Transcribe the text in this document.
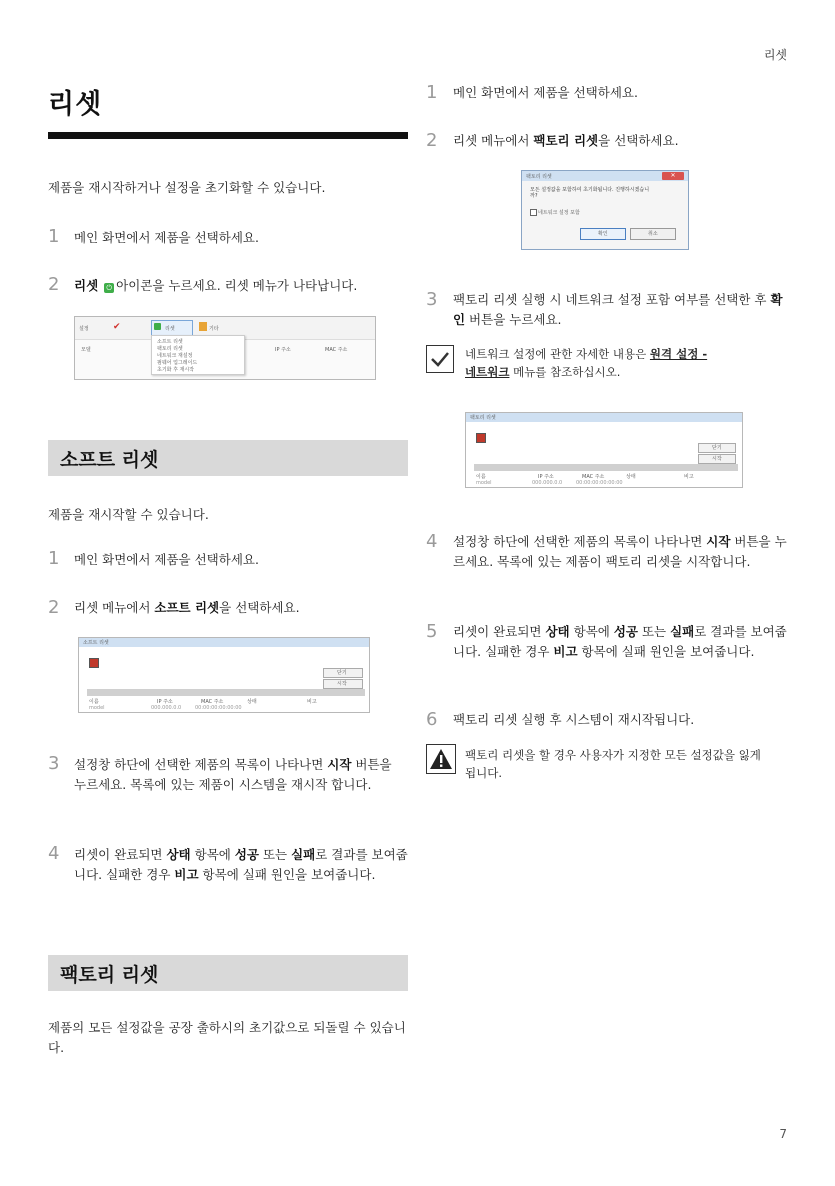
리셋
리셋
제품을 재시작하거나 설정을 초기화할 수 있습니다.
1	메인 화면에서 제품을 선택하세요.
2	리셋 ⏻ 아이콘을 누르세요. 리셋 메뉴가 나타납니다.
설정	✔	리셋	기타
모델	IP 주소	MAC 주소
소프트 리셋
팩토리 리셋
네트워크 재설정
펌웨어 업그레이드
초기화 후 재시작
소프트 리셋
제품을 재시작할 수 있습니다.
1	메인 화면에서 제품을 선택하세요.
2	리셋 메뉴에서 소프트 리셋을 선택하세요.
소프트 리셋
닫기
시작
이름	IP 주소	MAC 주소	상태	비고
model	000.000.0.0	00:00:00:00:00:00
3	설정창 하단에 선택한 제품의 목록이 나타나면 시작 버튼을 누르세요. 목록에 있는 제품이 시스템을 재시작 합니다.
4	리셋이 완료되면 상태 항목에 성공 또는 실패로 결과를 보여줍니다. 실패한 경우 비고 항목에 실패 원인을 보여줍니다.
팩토리 리셋
제품의 모든 설정값을 공장 출하시의 초기값으로 되돌릴 수 있습니다.
1	메인 화면에서 제품을 선택하세요.
2	리셋 메뉴에서 팩토리 리셋을 선택하세요.
팩토리 리셋	✕
모든 설정값을 포함하여 초기화됩니다. 진행하시겠습니까?
네트워크 설정 포함
확인	취소
3	팩토리 리셋 실행 시 네트워크 설정 포함 여부를 선택한 후 확인 버튼을 누르세요.
네트워크 설정에 관한 자세한 내용은 원격 설정 -
네트워크 메뉴를 참조하십시오.
팩토리 리셋
닫기
시작
이름	IP 주소	MAC 주소	상태	비고
model	000.000.0.0	00:00:00:00:00:00
4	설정창 하단에 선택한 제품의 목록이 나타나면 시작 버튼을 누르세요. 목록에 있는 제품이 팩토리 리셋을 시작합니다.
5	리셋이 완료되면 상태 항목에 성공 또는 실패로 결과를 보여줍니다. 실패한 경우 비고 항목에 실패 원인을 보여줍니다.
6	팩토리 리셋 실행 후 시스템이 재시작됩니다.
팩토리 리셋을 할 경우 사용자가 지정한 모든 설정값을 잃게 됩니다.
7
